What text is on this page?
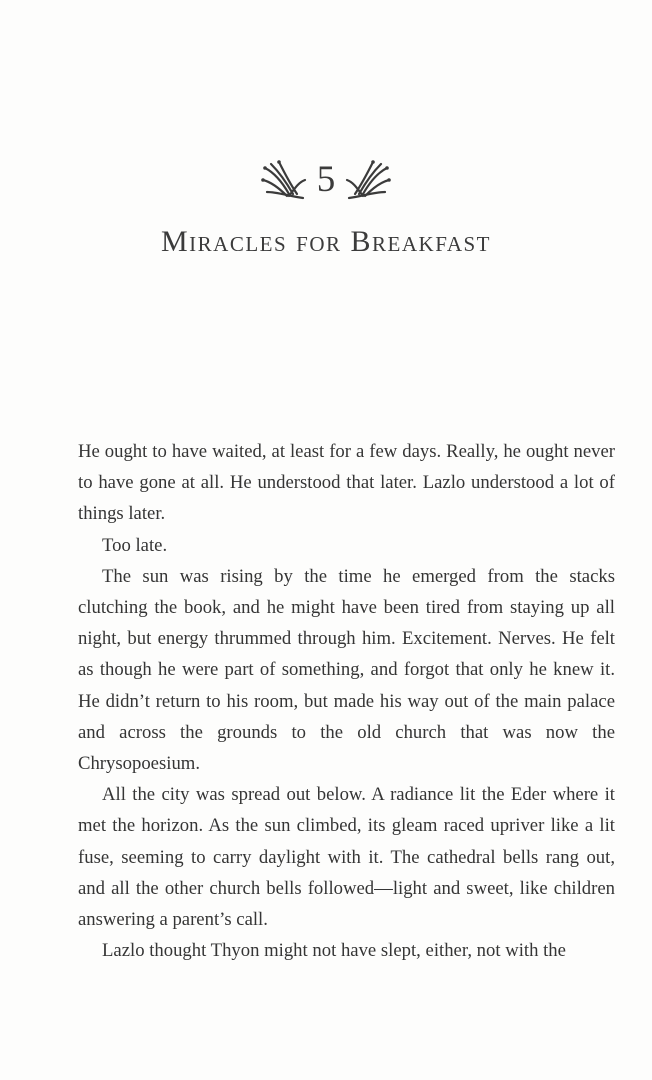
5
Miracles for Breakfast

He ought to have waited, at least for a few days. Really, he ought never to have gone at all. He understood that later. Lazlo understood a lot of things later.

Too late.

The sun was rising by the time he emerged from the stacks clutching the book, and he might have been tired from staying up all night, but energy thrummed through him. Excitement. Nerves. He felt as though he were part of something, and forgot that only he knew it. He didn’t return to his room, but made his way out of the main palace and across the grounds to the old church that was now the Chrysopoesium.

All the city was spread out below. A radiance lit the Eder where it met the horizon. As the sun climbed, its gleam raced upriver like a lit fuse, seeming to carry daylight with it. The cathedral bells rang out, and all the other church bells followed—light and sweet, like children answering a parent’s call.

Lazlo thought Thyon might not have slept, either, not with the
